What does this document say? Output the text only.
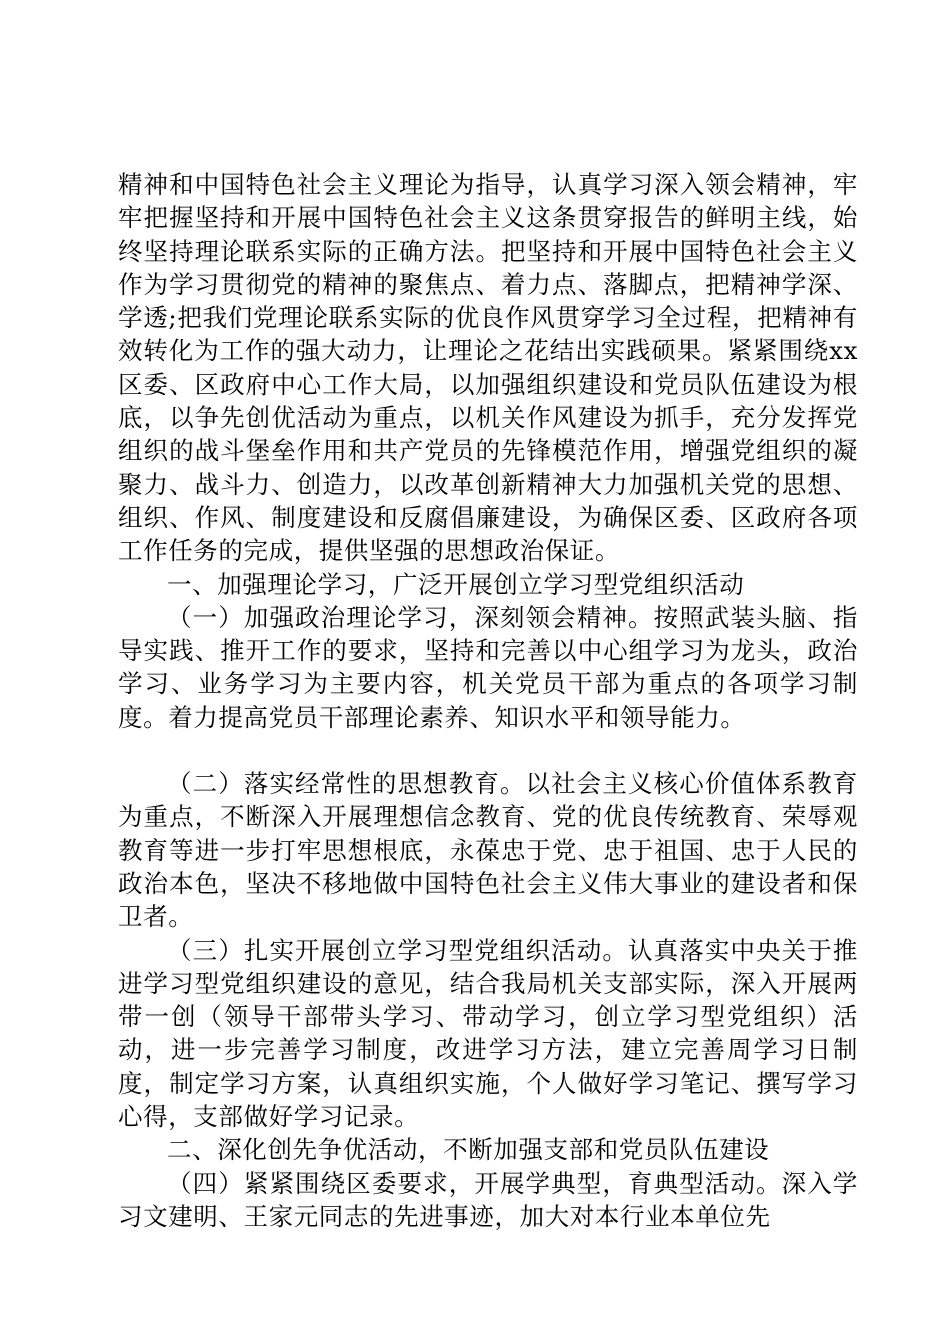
精神和中国特色社会主义理论为指导，认真学习深入领会精神，牢牢把握坚持和开展中国特色社会主义这条贯穿报告的鲜明主线，始终坚持理论联系实际的正确方法。把坚持和开展中国特色社会主义作为学习贯彻党的精神的聚焦点、着力点、落脚点，把精神学深、学透;把我们党理论联系实际的优良作风贯穿学习全过程，把精神有效转化为工作的强大动力，让理论之花结出实践硕果。紧紧围绕xx区委、区政府中心工作大局，以加强组织建设和党员队伍建设为根底，以争先创优活动为重点，以机关作风建设为抓手，充分发挥党组织的战斗堡垒作用和共产党员的先锋模范作用，增强党组织的凝聚力、战斗力、创造力，以改革创新精神大力加强机关党的思想、组织、作风、制度建设和反腐倡廉建设，为确保区委、区政府各项工作任务的完成，提供坚强的思想政治保证。

一、加强理论学习，广泛开展创立学习型党组织活动

（一）加强政治理论学习，深刻领会精神。按照武装头脑、指导实践、推开工作的要求，坚持和完善以中心组学习为龙头，政治学习、业务学习为主要内容，机关党员干部为重点的各项学习制度。着力提高党员干部理论素养、知识水平和领导能力。

（二）落实经常性的思想教育。以社会主义核心价值体系教育为重点，不断深入开展理想信念教育、党的优良传统教育、荣辱观教育等进一步打牢思想根底，永葆忠于党、忠于祖国、忠于人民的政治本色，坚决不移地做中国特色社会主义伟大事业的建设者和保卫者。

（三）扎实开展创立学习型党组织活动。认真落实中央关于推进学习型党组织建设的意见，结合我局机关支部实际，深入开展两带一创（领导干部带头学习、带动学习，创立学习型党组织）活动，进一步完善学习制度，改进学习方法，建立完善周学习日制度，制定学习方案，认真组织实施，个人做好学习笔记、撰写学习心得，支部做好学习记录。

二、深化创先争优活动，不断加强支部和党员队伍建设

（四）紧紧围绕区委要求，开展学典型，育典型活动。深入学习文建明、王家元同志的先进事迹，加大对本行业本单位先
